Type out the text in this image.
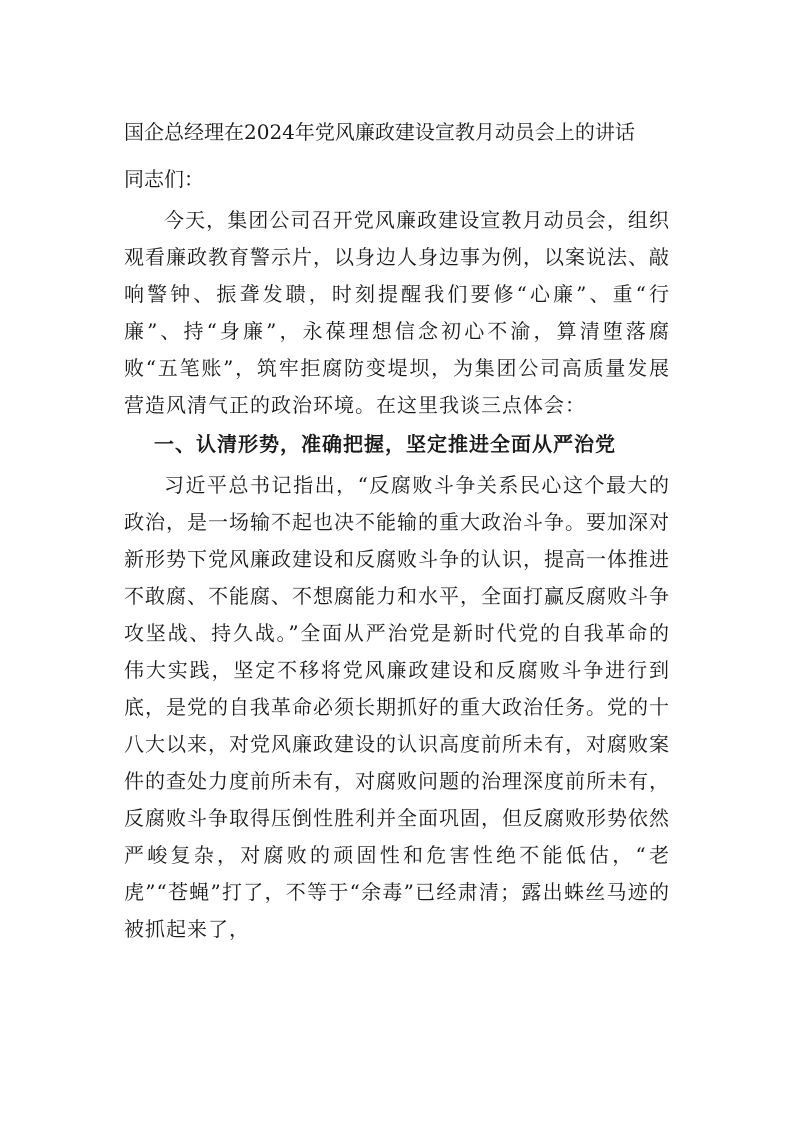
国企总经理在2024年党风廉政建设宣教月动员会上的讲话

同志们：

今天，集团公司召开党风廉政建设宣教月动员会，组织观看廉政教育警示片，以身边人身边事为例，以案说法、敲响警钟、振聋发聩，时刻提醒我们要修“心廉”、重“行廉”、持“身廉”，永葆理想信念初心不渝，算清堕落腐败“五笔账”，筑牢拒腐防变堤坝，为集团公司高质量发展营造风清气正的政治环境。在这里我谈三点体会：

一、认清形势，准确把握，坚定推进全面从严治党

习近平总书记指出，“反腐败斗争关系民心这个最大的政治，是一场输不起也决不能输的重大政治斗争。要加深对新形势下党风廉政建设和反腐败斗争的认识，提高一体推进不敢腐、不能腐、不想腐能力和水平，全面打赢反腐败斗争攻坚战、持久战。”全面从严治党是新时代党的自我革命的伟大实践，坚定不移将党风廉政建设和反腐败斗争进行到底，是党的自我革命必须长期抓好的重大政治任务。党的十八大以来，对党风廉政建设的认识高度前所未有，对腐败案件的查处力度前所未有，对腐败问题的治理深度前所未有，反腐败斗争取得压倒性胜利并全面巩固，但反腐败形势依然严峻复杂，对腐败的顽固性和危害性绝不能低估，“老虎”“苍蝇”打了，不等于“余毒”已经肃清；露出蛛丝马迹的被抓起来了，
